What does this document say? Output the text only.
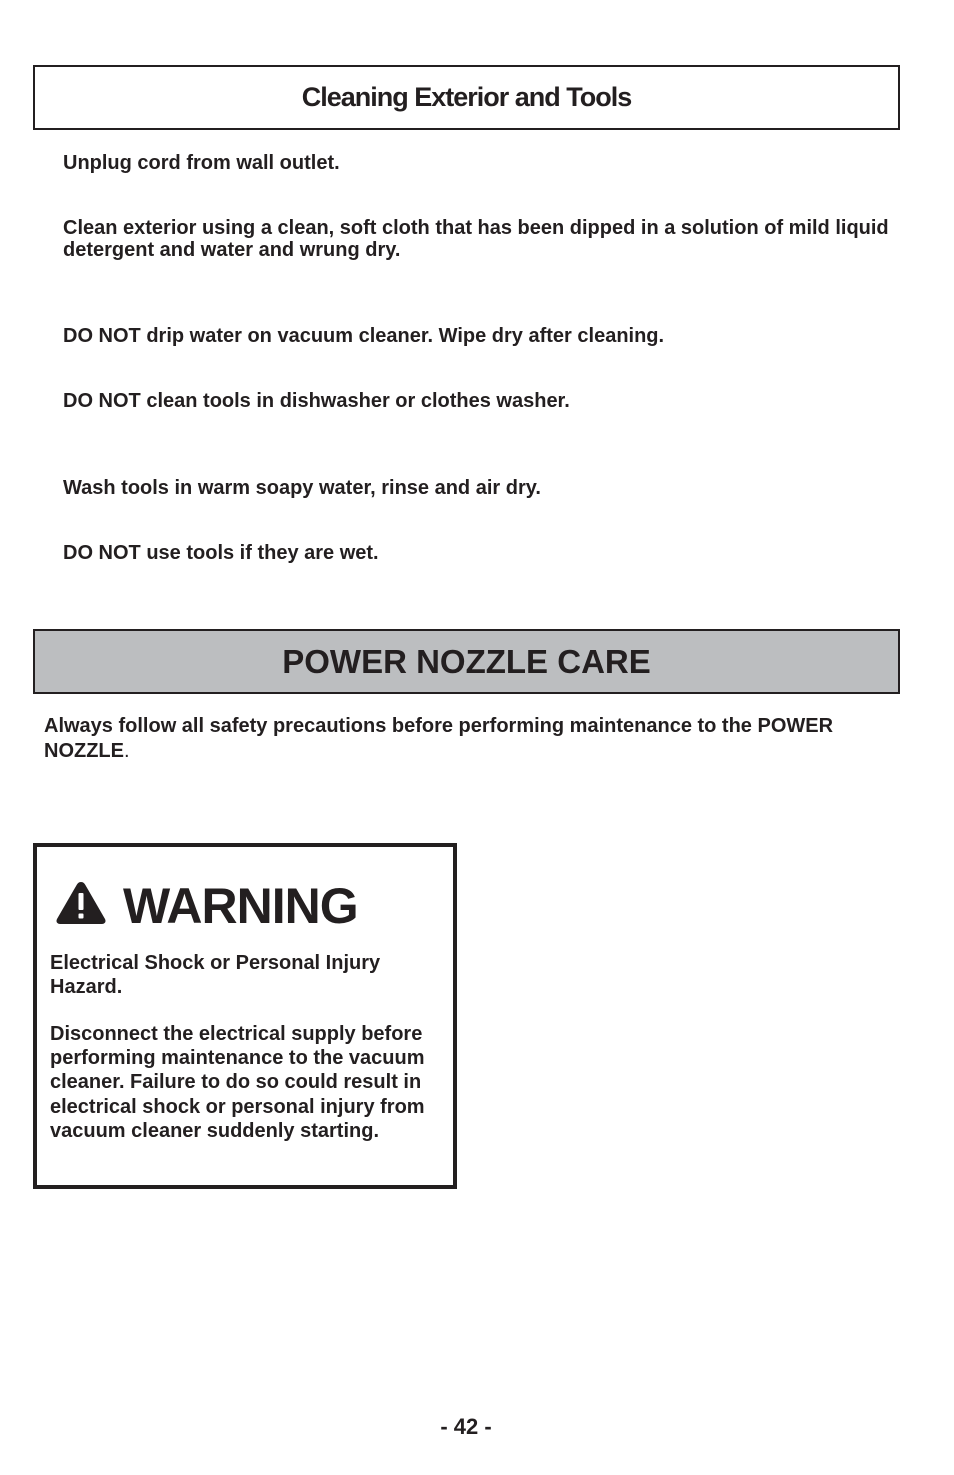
Cleaning Exterior and Tools
Unplug cord from wall outlet.
Clean exterior using a clean, soft cloth that has been dipped in a solution of mild liquid detergent and water and wrung dry.
DO NOT drip water on vacuum cleaner. Wipe dry after cleaning.
DO NOT clean tools in dishwasher or clothes washer.
Wash tools in warm soapy water, rinse and air dry.
DO NOT use tools if they are wet.
POWER NOZZLE CARE
Always follow all safety precautions before performing maintenance to the POWER NOZZLE.
WARNING
Electrical Shock or Personal Injury Hazard.
Disconnect the electrical supply before performing maintenance to the vacuum cleaner. Failure to do so could result in electrical shock or personal injury from vacuum cleaner suddenly starting.
- 42 -
